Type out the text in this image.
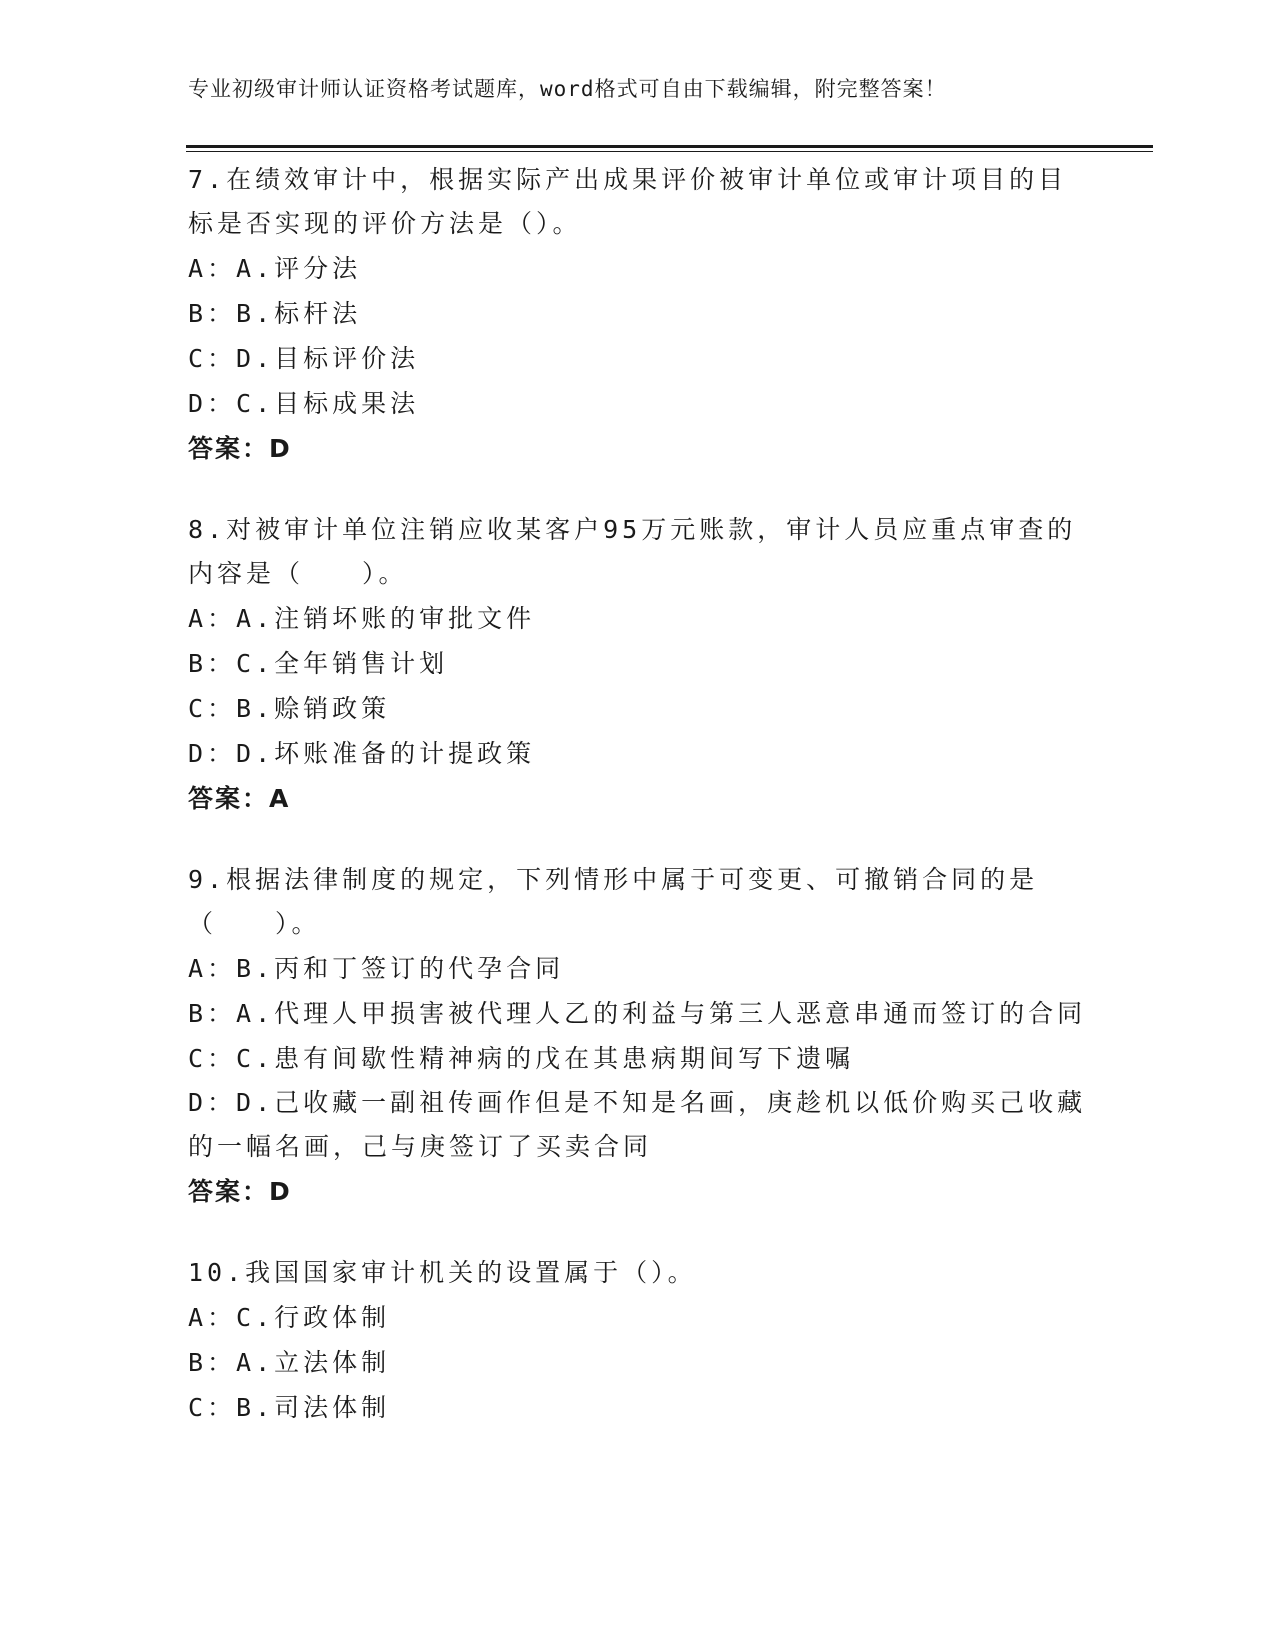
专业初级审计师认证资格考试题库，word格式可自由下载编辑，附完整答案！
7.在绩效审计中，根据实际产出成果评价被审计单位或审计项目的目标是否实现的评价方法是（）。
A：A.评分法
B：B.标杆法
C：D.目标评价法
D：C.目标成果法
答案：D
8.对被审计单位注销应收某客户95万元账款，审计人员应重点审查的内容是（　　）。
A：A.注销坏账的审批文件
B：C.全年销售计划
C：B.赊销政策
D：D.坏账准备的计提政策
答案：A
9.根据法律制度的规定，下列情形中属于可变更、可撤销合同的是（　　）。
A：B.丙和丁签订的代孕合同
B：A.代理人甲损害被代理人乙的利益与第三人恶意串通而签订的合同
C：C.患有间歇性精神病的戊在其患病期间写下遗嘱
D：D.己收藏一副祖传画作但是不知是名画，庚趁机以低价购买己收藏的一幅名画，己与庚签订了买卖合同
答案：D
10.我国国家审计机关的设置属于（）。
A：C.行政体制
B：A.立法体制
C：B.司法体制
